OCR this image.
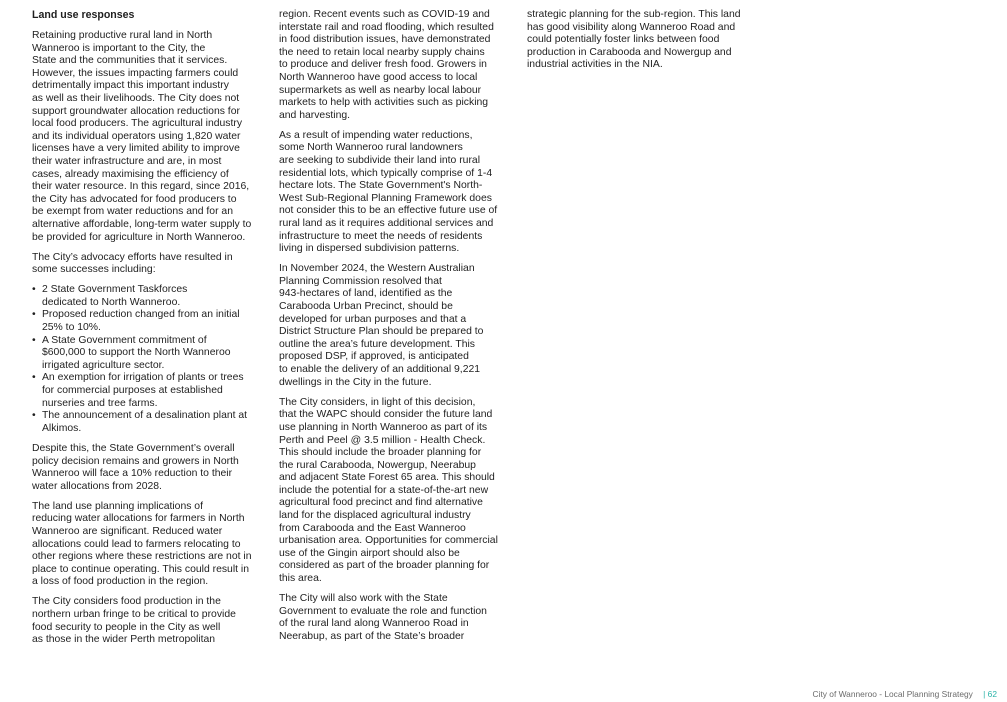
Land use responses

Retaining productive rural land in North
Wanneroo is important to the City, the
State and the communities that it services.
However, the issues impacting farmers could
detrimentally impact this important industry
as well as their livelihoods. The City does not
support groundwater allocation reductions for
local food producers. The agricultural industry
and its individual operators using 1,820 water
licenses have a very limited ability to improve
their water infrastructure and are, in most
cases, already maximising the efficiency of
their water resource. In this regard, since 2016,
the City has advocated for food producers to
be exempt from water reductions and for an
alternative affordable, long-term water supply to
be provided for agriculture in North Wanneroo.

The City’s advocacy efforts have resulted in
some successes including:

• 2 State Government Taskforces
dedicated to North Wanneroo.
• Proposed reduction changed from an initial
25% to 10%.
• A State Government commitment of
$600,000 to support the North Wanneroo
irrigated agriculture sector.
• An exemption for irrigation of plants or trees
for commercial purposes at established
nurseries and tree farms.
• The announcement of a desalination plant at
Alkimos.

Despite this, the State Government’s overall
policy decision remains and growers in North
Wanneroo will face a 10% reduction to their
water allocations from 2028.

The land use planning implications of
reducing water allocations for farmers in North
Wanneroo are significant. Reduced water
allocations could lead to farmers relocating to
other regions where these restrictions are not in
place to continue operating. This could result in
a loss of food production in the region.

The City considers food production in the
northern urban fringe to be critical to provide
food security to people in the City as well
as those in the wider Perth metropolitan

region. Recent events such as COVID-19 and
interstate rail and road flooding, which resulted
in food distribution issues, have demonstrated
the need to retain local nearby supply chains
to produce and deliver fresh food. Growers in
North Wanneroo have good access to local
supermarkets as well as nearby local labour
markets to help with activities such as picking
and harvesting.

As a result of impending water reductions,
some North Wanneroo rural landowners
are seeking to subdivide their land into rural
residential lots, which typically comprise of 1-4
hectare lots. The State Government's North-
West Sub-Regional Planning Framework does
not consider this to be an effective future use of
rural land as it requires additional services and
infrastructure to meet the needs of residents
living in dispersed subdivision patterns.

In November 2024, the Western Australian
Planning Commission resolved that
943-hectares of land, identified as the
Carabooda Urban Precinct, should be
developed for urban purposes and that a
District Structure Plan should be prepared to
outline the area’s future development. This
proposed DSP, if approved, is anticipated
to enable the delivery of an additional 9,221
dwellings in the City in the future.

The City considers, in light of this decision,
that the WAPC should consider the future land
use planning in North Wanneroo as part of its
Perth and Peel @ 3.5 million - Health Check.
This should include the broader planning for
the rural Carabooda, Nowergup, Neerabup
and adjacent State Forest 65 area. This should
include the potential for a state-of-the-art new
agricultural food precinct and find alternative
land for the displaced agricultural industry
from Carabooda and the East Wanneroo
urbanisation area. Opportunities for commercial
use of the Gingin airport should also be
considered as part of the broader planning for
this area.

The City will also work with the State
Government to evaluate the role and function
of the rural land along Wanneroo Road in
Neerabup, as part of the State’s broader

strategic planning for the sub-region. This land
has good visibility along Wanneroo Road and
could potentially foster links between food
production in Carabooda and Nowergup and
industrial activities in the NIA.

City of Wanneroo - Local Planning Strategy | 62
